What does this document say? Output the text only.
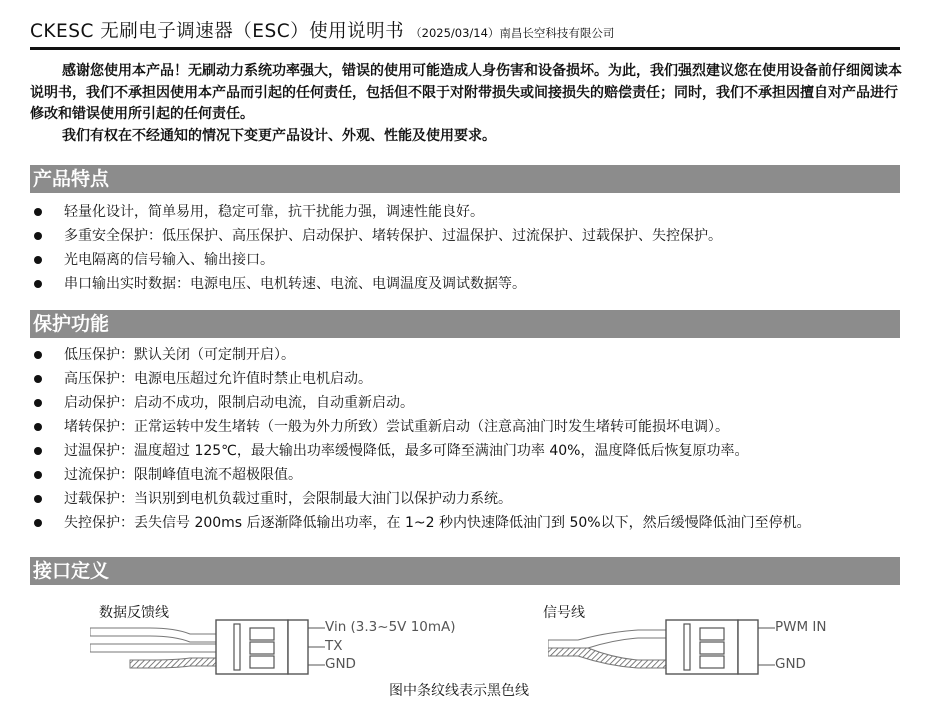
CKESC 无刷电子调速器（ESC）使用说明书 （2025/03/14）南昌长空科技有限公司

感谢您使用本产品！无刷动力系统功率强大，错误的使用可能造成人身伤害和设备损坏。为此，我们强烈建议您在使用设备前仔细阅读本说明书，我们不承担因使用本产品而引起的任何责任，包括但不限于对附带损失或间接损失的赔偿责任；同时，我们不承担因擅自对产品进行修改和错误使用所引起的任何责任。

我们有权在不经通知的情况下变更产品设计、外观、性能及使用要求。

产品特点
轻量化设计，简单易用，稳定可靠，抗干扰能力强，调速性能良好。
多重安全保护：低压保护、高压保护、启动保护、堵转保护、过温保护、过流保护、过载保护、失控保护。
光电隔离的信号输入、输出接口。
串口输出实时数据：电源电压、电机转速、电流、电调温度及调试数据等。
保护功能
低压保护：默认关闭（可定制开启）。
高压保护：电源电压超过允许值时禁止电机启动。
启动保护：启动不成功，限制启动电流，自动重新启动。
堵转保护：正常运转中发生堵转（一般为外力所致）尝试重新启动（注意高油门时发生堵转可能损坏电调）。
过温保护：温度超过 125℃，最大输出功率缓慢降低，最多可降至满油门功率 40%，温度降低后恢复原功率。
过流保护：限制峰值电流不超极限值。
过载保护：当识别到电机负载过重时，会限制最大油门以保护动力系统。
失控保护：丢失信号 200ms 后逐渐降低输出功率，在 1~2 秒内快速降低油门到 50%以下，然后缓慢降低油门至停机。
接口定义
数据反馈线
Vin (3.3~5V 10mA)
TX
GND
信号线
PWM IN
GND
图中条纹线表示黑色线
